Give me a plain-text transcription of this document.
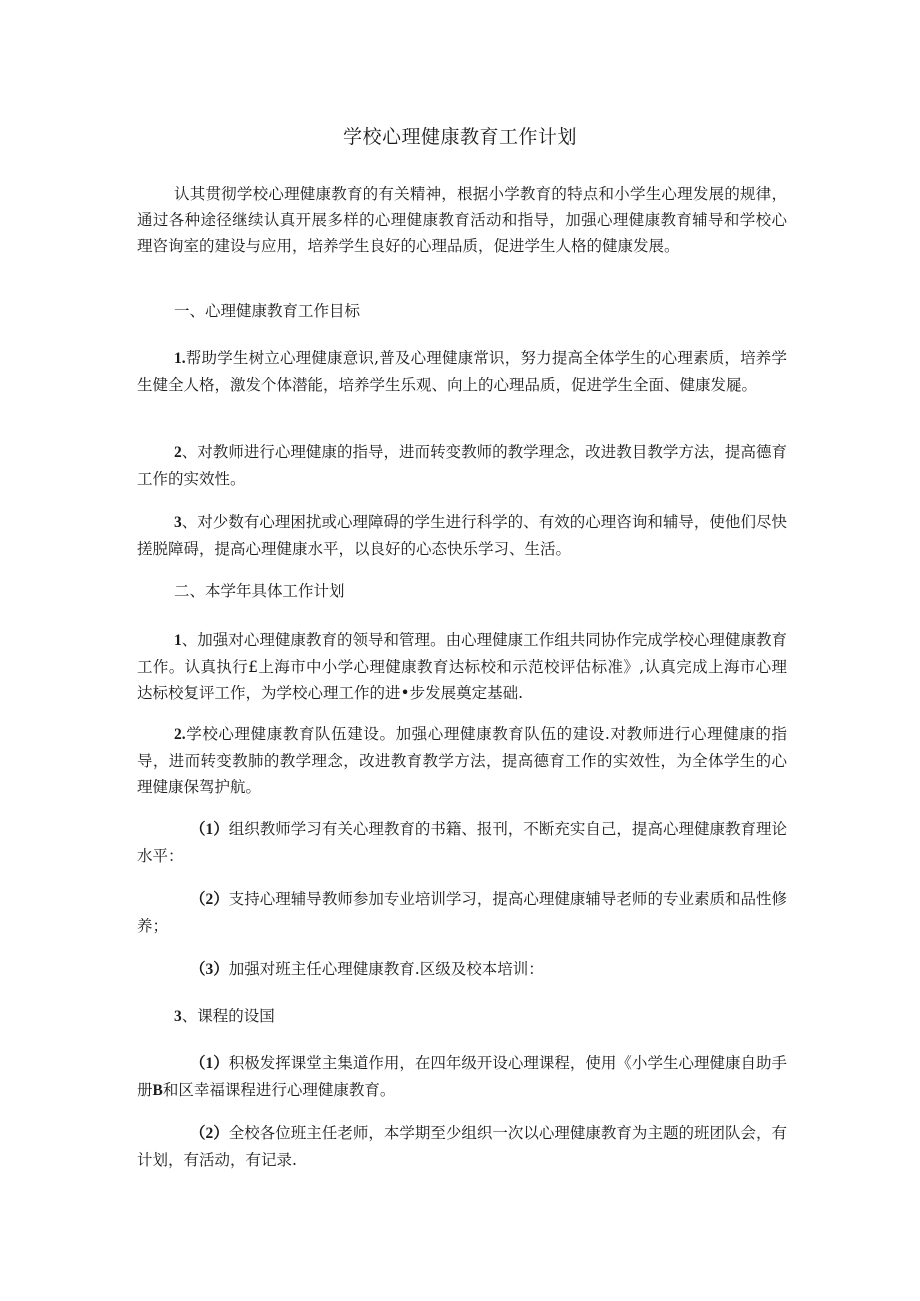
学校心理健康教育工作计划

认其贯彻学校心理健康教育的有关精神，根据小学教育的特点和小学生心理发展的规律，通过各种途径继续认真开展多样的心理健康教育活动和指导，加强心理健康教育辅导和学校心理咨询室的建设与应用，培养学生良好的心理品质，促进学生人格的健康发展。

一、心理健康教育工作目标

1.帮助学生树立心理健康意识,普及心理健康常识，努力提高全体学生的心理素质，培养学生健全人格，激发个体潜能，培养学生乐观、向上的心理品质，促进学生全面、健康发屣。

2、对教师进行心理健康的指导，进而转变教师的教学理念，改进教目教学方法，提高德育工作的实效性。

3、对少数有心理困扰或心理障碍的学生进行科学的、有效的心理咨询和辅导，使他们尽快搓脱障碍，提高心理健康水平，以良好的心态快乐学习、生活。

二、本学年具体工作计划

1、加强对心理健康教育的领导和管理。由心理健康工作组共同协作完成学校心理健康教育工作。认真执行£上海市中小学心理健康教育达标校和示范校评估标准》,认真完成上海市心理达标校复评工作，为学校心理工作的进•步发展奠定基础.

2.学校心理健康教育队伍建设。加强心理健康教育队伍的建设.对教师进行心理健康的指导，进而转变教肺的教学理念，改进教育教学方法，提高德育工作的实效性，为全体学生的心理健康保驾护航。

（1）组织教师学习有关心理教育的书籍、报刊，不断充实自己，提高心理健康教育理论水平：

（2）支持心理辅导教师参加专业培训学习，提高心理健康辅导老师的专业素质和品性修养；

（3）加强对班主任心理健康教育.区级及校本培训：

3、课程的设国

（1）积极发挥课堂主集道作用，在四年级开设心理课程，使用《小学生心理健康自助手册B和区幸福课程进行心理健康教育。

（2）全校各位班主任老师，本学期至少组织一次以心理健康教育为主题的班团队会，有计划，有活动，有记录.
